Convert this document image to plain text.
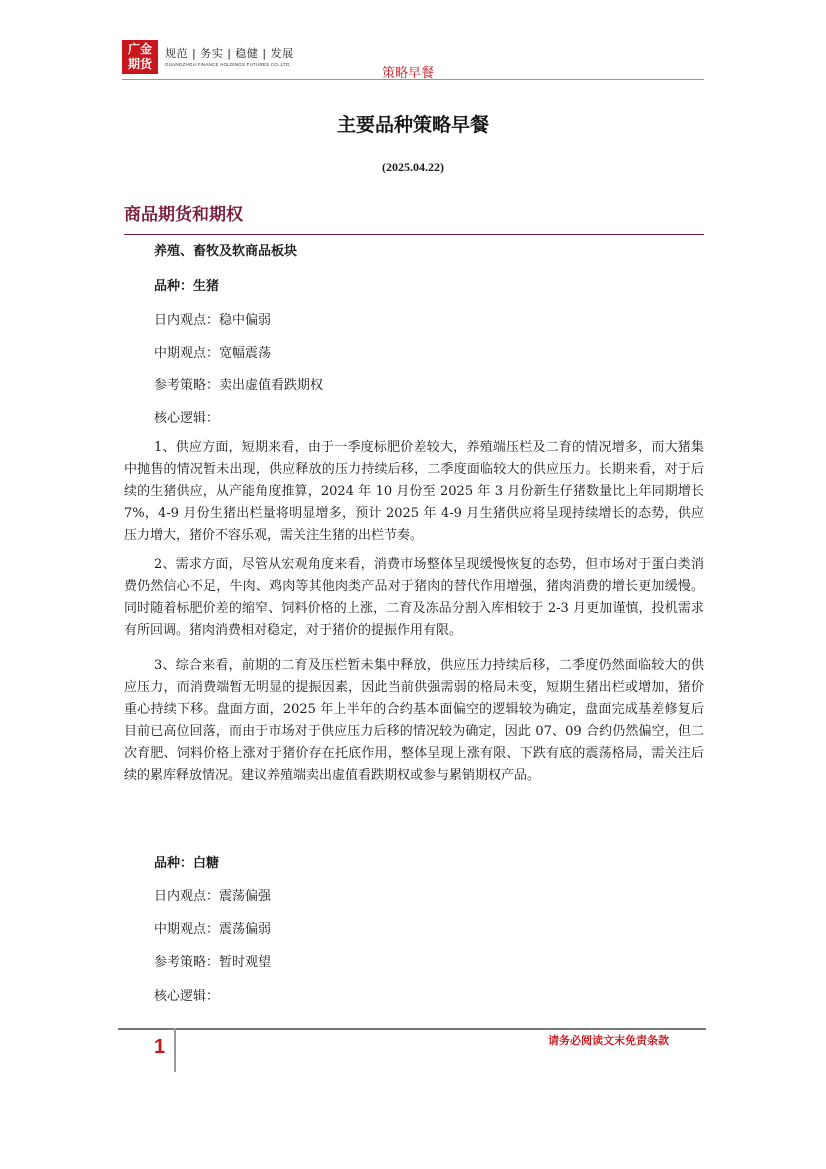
广金
期货
规范 | 务实 | 稳健 | 发展
GUANGZHOU FINANCE HOLDINGS FUTURES CO.,LTD.
策略早餐
主要品种策略早餐
(2025.04.22)
商品期货和期权
养殖、畜牧及软商品板块
品种：生猪
日内观点：稳中偏弱
中期观点：宽幅震荡
参考策略：卖出虚值看跌期权
核心逻辑：
1、供应方面，短期来看，由于一季度标肥价差较大，养殖端压栏及二育的情况增多，而大猪集中抛售的情况暂未出现，供应释放的压力持续后移，二季度面临较大的供应压力。长期来看，对于后续的生猪供应，从产能角度推算，2024 年 10 月份至 2025 年 3 月份新生仔猪数量比上年同期增长 7%，4-9 月份生猪出栏量将明显增多，预计 2025 年 4-9 月生猪供应将呈现持续增长的态势，供应压力增大，猪价不容乐观，需关注生猪的出栏节奏。
2、需求方面，尽管从宏观角度来看，消费市场整体呈现缓慢恢复的态势，但市场对于蛋白类消费仍然信心不足，牛肉、鸡肉等其他肉类产品对于猪肉的替代作用增强，猪肉消费的增长更加缓慢。同时随着标肥价差的缩窄、饲料价格的上涨，二育及冻品分割入库相较于 2-3 月更加谨慎，投机需求有所回调。猪肉消费相对稳定，对于猪价的提振作用有限。
3、综合来看，前期的二育及压栏暂未集中释放，供应压力持续后移，二季度仍然面临较大的供应压力，而消费端暂无明显的提振因素，因此当前供强需弱的格局未变，短期生猪出栏或增加，猪价重心持续下移。盘面方面，2025 年上半年的合约基本面偏空的逻辑较为确定，盘面完成基差修复后目前已高位回落，而由于市场对于供应压力后移的情况较为确定，因此 07、09 合约仍然偏空，但二次育肥、饲料价格上涨对于猪价存在托底作用，整体呈现上涨有限、下跌有底的震荡格局，需关注后续的累库释放情况。建议养殖端卖出虚值看跌期权或参与累销期权产品。
品种：白糖
日内观点：震荡偏强
中期观点：震荡偏弱
参考策略：暂时观望
核心逻辑：
1	请务必阅读文末免责条款
